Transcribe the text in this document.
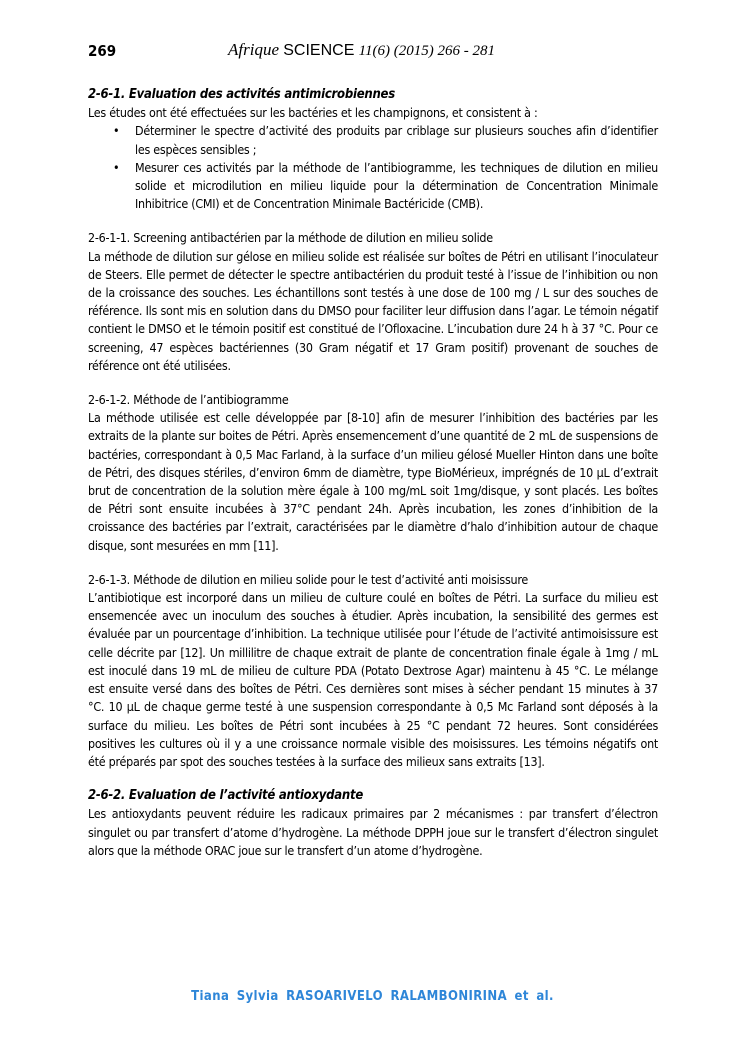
269	Afrique SCIENCE 11(6) (2015) 266 - 281

2-6-1. Evaluation des activités antimicrobiennes

Les études ont été effectuées sur les bactéries et les champignons, et consistent à :

• Déterminer le spectre d’activité des produits par criblage sur plusieurs souches afin d’identifier les espèces sensibles ;
• Mesurer ces activités par la méthode de l’antibiogramme, les techniques de dilution en milieu solide et microdilution en milieu liquide pour la détermination de Concentration Minimale Inhibitrice (CMI) et de Concentration Minimale Bactéricide (CMB).

2-6-1-1. Screening antibactérien par la méthode de dilution en milieu solide

La méthode de dilution sur gélose en milieu solide est réalisée sur boîtes de Pétri en utilisant l’inoculateur de Steers. Elle permet de détecter le spectre antibactérien du produit testé à l’issue de l’inhibition ou non de la croissance des souches. Les échantillons sont testés à une dose de 100 mg / L sur des souches de référence. Ils sont mis en solution dans du DMSO pour faciliter leur diffusion dans l’agar. Le témoin négatif contient le DMSO et le témoin positif est constitué de l’Ofloxacine. L’incubation dure 24 h à 37 °C. Pour ce screening, 47 espèces bactériennes (30 Gram négatif et 17 Gram positif) provenant de souches de référence ont été utilisées.

2-6-1-2. Méthode de l’antibiogramme

La méthode utilisée est celle développée par [8-10] afin de mesurer l’inhibition des bactéries par les extraits de la plante sur boites de Pétri. Après ensemencement d’une quantité de 2 mL de suspensions de bactéries, correspondant à 0,5 Mac Farland, à la surface d’un milieu gélosé Mueller Hinton dans une boîte de Pétri, des disques stériles, d’environ 6mm de diamètre, type BioMérieux, imprégnés de 10 µL d’extrait brut de concentration de la solution mère égale à 100 mg/mL soit 1mg/disque, y sont placés. Les boîtes de Pétri sont ensuite incubées à 37°C pendant 24h. Après incubation, les zones d’inhibition de la croissance des bactéries par l’extrait, caractérisées par le diamètre d’halo d’inhibition autour de chaque disque, sont mesurées en mm [11].

2-6-1-3. Méthode de dilution en milieu solide pour le test d’activité anti moisissure

L’antibiotique est incorporé dans un milieu de culture coulé en boîtes de Pétri. La surface du milieu est ensemencée avec un inoculum des souches à étudier. Après incubation, la sensibilité des germes est évaluée par un pourcentage d’inhibition. La technique utilisée pour l’étude de l’activité antimoisissure est celle décrite par [12]. Un millilitre de chaque extrait de plante de concentration finale égale à 1mg / mL est inoculé dans 19 mL de milieu de culture PDA (Potato Dextrose Agar) maintenu à 45 °C. Le mélange est ensuite versé dans des boîtes de Pétri. Ces dernières sont mises à sécher pendant 15 minutes à 37 °C. 10 µL de chaque germe testé à une suspension correspondante à 0,5 Mc Farland sont déposés à la surface du milieu. Les boîtes de Pétri sont incubées à 25 °C pendant 72 heures. Sont considérées positives les cultures où il y a une croissance normale visible des moisissures. Les témoins négatifs ont été préparés par spot des souches testées à la surface des milieux sans extraits [13].

2-6-2. Evaluation de l’activité antioxydante

Les antioxydants peuvent réduire les radicaux primaires par 2 mécanismes : par transfert d’électron singulet ou par transfert d’atome d’hydrogène. La méthode DPPH joue sur le transfert d’électron singulet alors que la méthode ORAC joue sur le transfert d’un atome d’hydrogène.

Tiana Sylvia RASOARIVELO RALAMBONIRINA et al.
